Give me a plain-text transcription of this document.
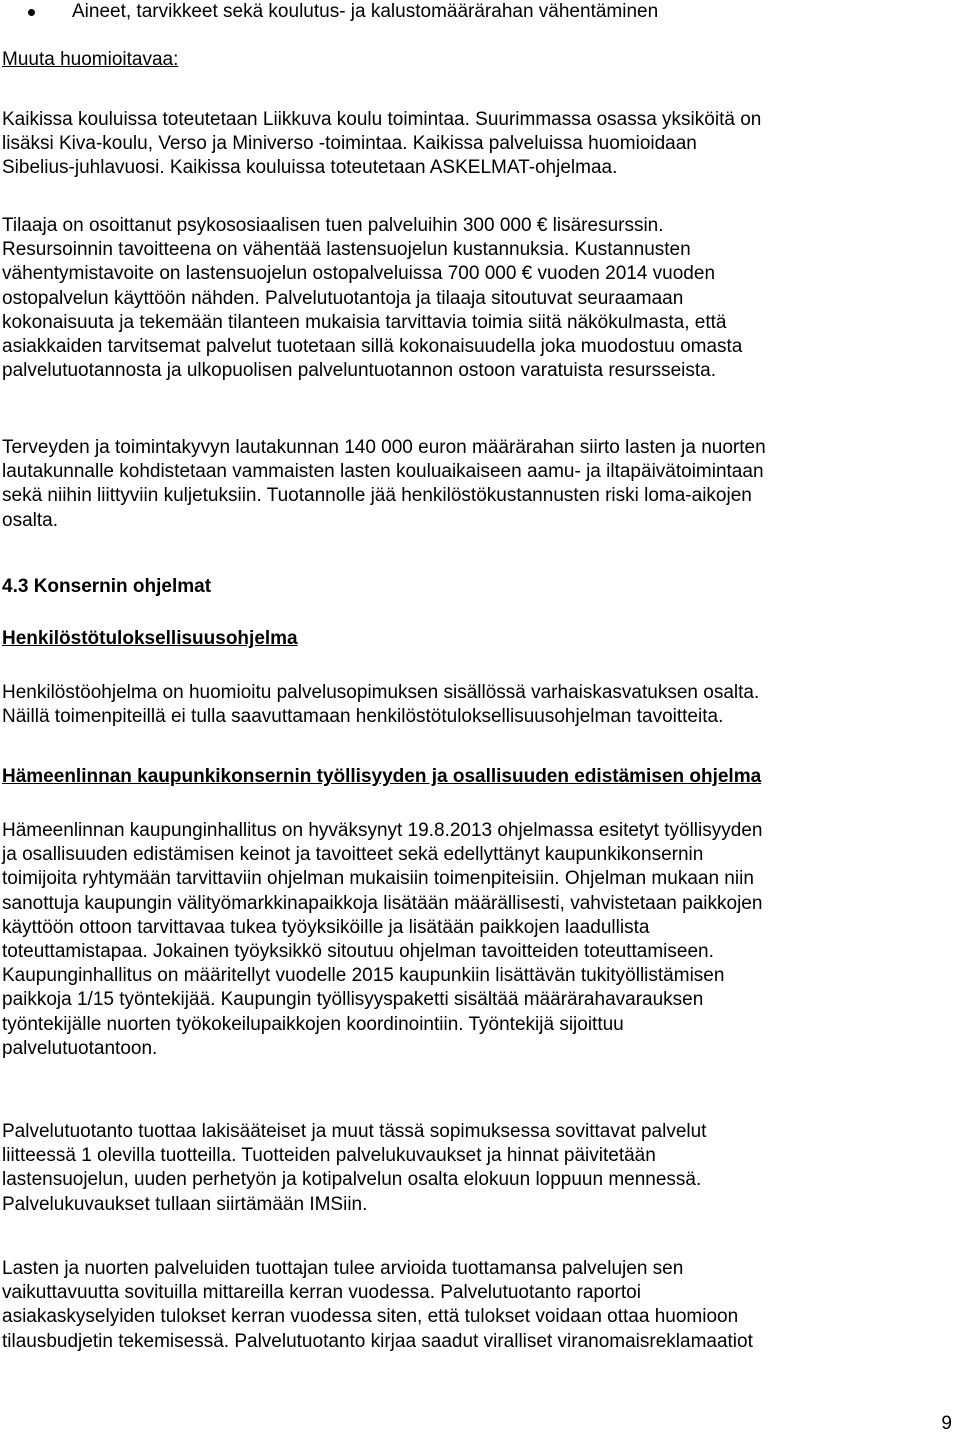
Aineet, tarvikkeet sekä koulutus- ja kalustomäärärahan vähentäminen

Muuta huomioitavaa:

Kaikissa kouluissa toteutetaan Liikkuva koulu toimintaa. Suurimmassa osassa yksiköitä on
lisäksi Kiva-koulu, Verso ja Miniverso -toimintaa. Kaikissa palveluissa huomioidaan
Sibelius-juhlavuosi. Kaikissa kouluissa toteutetaan ASKELMAT-ohjelmaa.
Tilaaja on osoittanut psykososiaalisen tuen palveluihin 300 000 € lisäresurssin.
Resursoinnin tavoitteena on vähentää lastensuojelun kustannuksia. Kustannusten
vähentymistavoite on lastensuojelun ostopalveluissa 700 000 € vuoden 2014 vuoden
ostopalvelun käyttöön nähden. Palvelutuotantoja ja tilaaja sitoutuvat seuraamaan
kokonaisuuta ja tekemään tilanteen mukaisia tarvittavia toimia siitä näkökulmasta, että
asiakkaiden tarvitsemat palvelut tuotetaan sillä kokonaisuudella joka muodostuu omasta
palvelutuotannosta ja ulkopuolisen palveluntuotannon ostoon varatuista resursseista.
Terveyden ja toimintakyvyn lautakunnan 140 000 euron määrärahan siirto lasten ja nuorten
lautakunnalle kohdistetaan vammaisten lasten kouluaikaiseen aamu- ja iltapäivätoimintaan
sekä niihin liittyviin kuljetuksiin. Tuotannolle jää henkilöstökustannusten riski loma-aikojen
osalta.
4.3 Konsernin ohjelmat
Henkilöstötuloksellisuusohjelma
Henkilöstöohjelma on huomioitu palvelusopimuksen sisällössä varhaiskasvatuksen osalta.
Näillä toimenpiteillä ei tulla saavuttamaan henkilöstötuloksellisuusohjelman tavoitteita.
Hämeenlinnan kaupunkikonsernin työllisyyden ja osallisuuden edistämisen ohjelma
Hämeenlinnan kaupunginhallitus on hyväksynyt 19.8.2013 ohjelmassa esitetyt työllisyyden
ja osallisuuden edistämisen keinot ja tavoitteet sekä edellyttänyt kaupunkikonsernin
toimijoita ryhtymään tarvittaviin ohjelman mukaisiin toimenpiteisiin. Ohjelman mukaan niin
sanottuja kaupungin välityömarkkinapaikkoja lisätään määrällisesti, vahvistetaan paikkojen
käyttöön ottoon tarvittavaa tukea työyksiköille ja lisätään paikkojen laadullista
toteuttamistapaa. Jokainen työyksikkö sitoutuu ohjelman tavoitteiden toteuttamiseen.
Kaupunginhallitus on määritellyt vuodelle 2015 kaupunkiin lisättävän tukityöllistämisen
paikkoja 1/15 työntekijää. Kaupungin työllisyyspaketti sisältää määrärahavarauksen
työntekijälle nuorten työkokeilupaikkojen koordinointiin. Työntekijä sijoittuu
palvelutuotantoon.
Palvelutuotanto tuottaa lakisääteiset ja muut tässä sopimuksessa sovittavat palvelut
liitteessä 1 olevilla tuotteilla. Tuotteiden palvelukuvaukset ja hinnat päivitetään
lastensuojelun, uuden perhetyön ja kotipalvelun osalta elokuun loppuun mennessä.
Palvelukuvaukset tullaan siirtämään IMSiin.
Lasten ja nuorten palveluiden tuottajan tulee arvioida tuottamansa palvelujen sen
vaikuttavuutta sovituilla mittareilla kerran vuodessa. Palvelutuotanto raportoi
asiakaskyselyiden tulokset kerran vuodessa siten, että tulokset voidaan ottaa huomioon
tilausbudjetin tekemisessä. Palvelutuotanto kirjaa saadut viralliset viranomaisreklamaatiot
9
